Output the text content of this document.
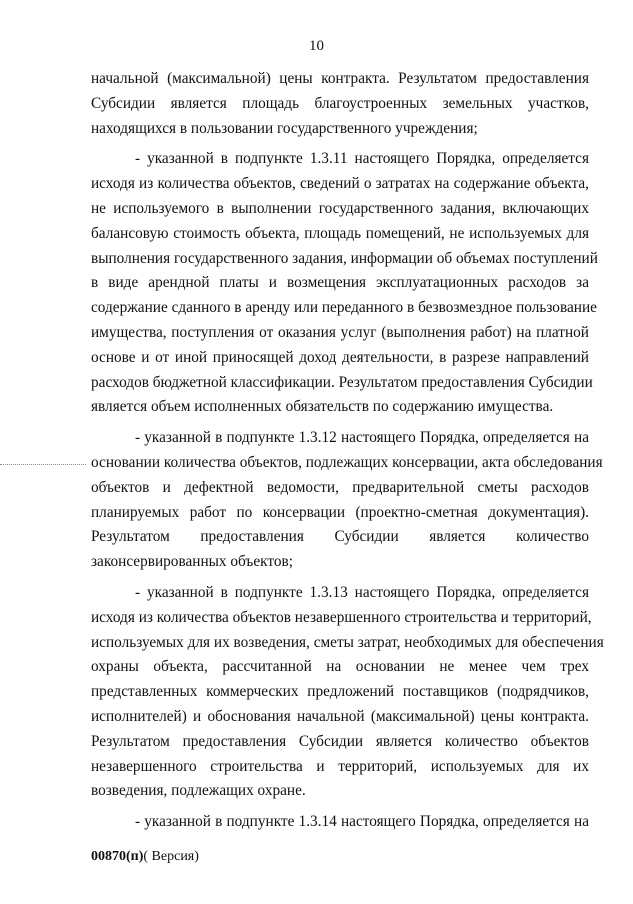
10
начальной (максимальной) цены контракта. Результатом предоставления
Субсидии является площадь благоустроенных земельных участков,
находящихся в пользовании государственного учреждения;
- указанной в подпункте 1.3.11 настоящего Порядка, определяется
исходя из количества объектов, сведений о затратах на содержание объекта,
не используемого в выполнении государственного задания, включающих
балансовую стоимость объекта, площадь помещений, не используемых для
выполнения государственного задания, информации об объемах поступлений
в виде арендной платы и возмещения эксплуатационных расходов за
содержание сданного в аренду или переданного в безвозмездное пользование
имущества, поступления от оказания услуг (выполнения работ) на платной
основе и от иной приносящей доход деятельности, в разрезе направлений
расходов бюджетной классификации. Результатом предоставления Субсидии
является объем исполненных обязательств по содержанию имущества.
- указанной в подпункте 1.3.12 настоящего Порядка, определяется на
основании количества объектов, подлежащих консервации, акта обследования
объектов и дефектной ведомости, предварительной сметы расходов
планируемых работ по консервации (проектно-сметная документация).
Результатом предоставления Субсидии является количество
законсервированных объектов;
- указанной в подпункте 1.3.13 настоящего Порядка, определяется
исходя из количества объектов незавершенного строительства и территорий,
используемых для их возведения, сметы затрат, необходимых для обеспечения
охраны объекта, рассчитанной на основании не менее чем трех
представленных коммерческих предложений поставщиков (подрядчиков,
исполнителей) и обоснования начальной (максимальной) цены контракта.
Результатом предоставления Субсидии является количество объектов
незавершенного строительства и территорий, используемых для их
возведения, подлежащих охране.
- указанной в подпункте 1.3.14 настоящего Порядка, определяется на
00870(п)( Версия)
